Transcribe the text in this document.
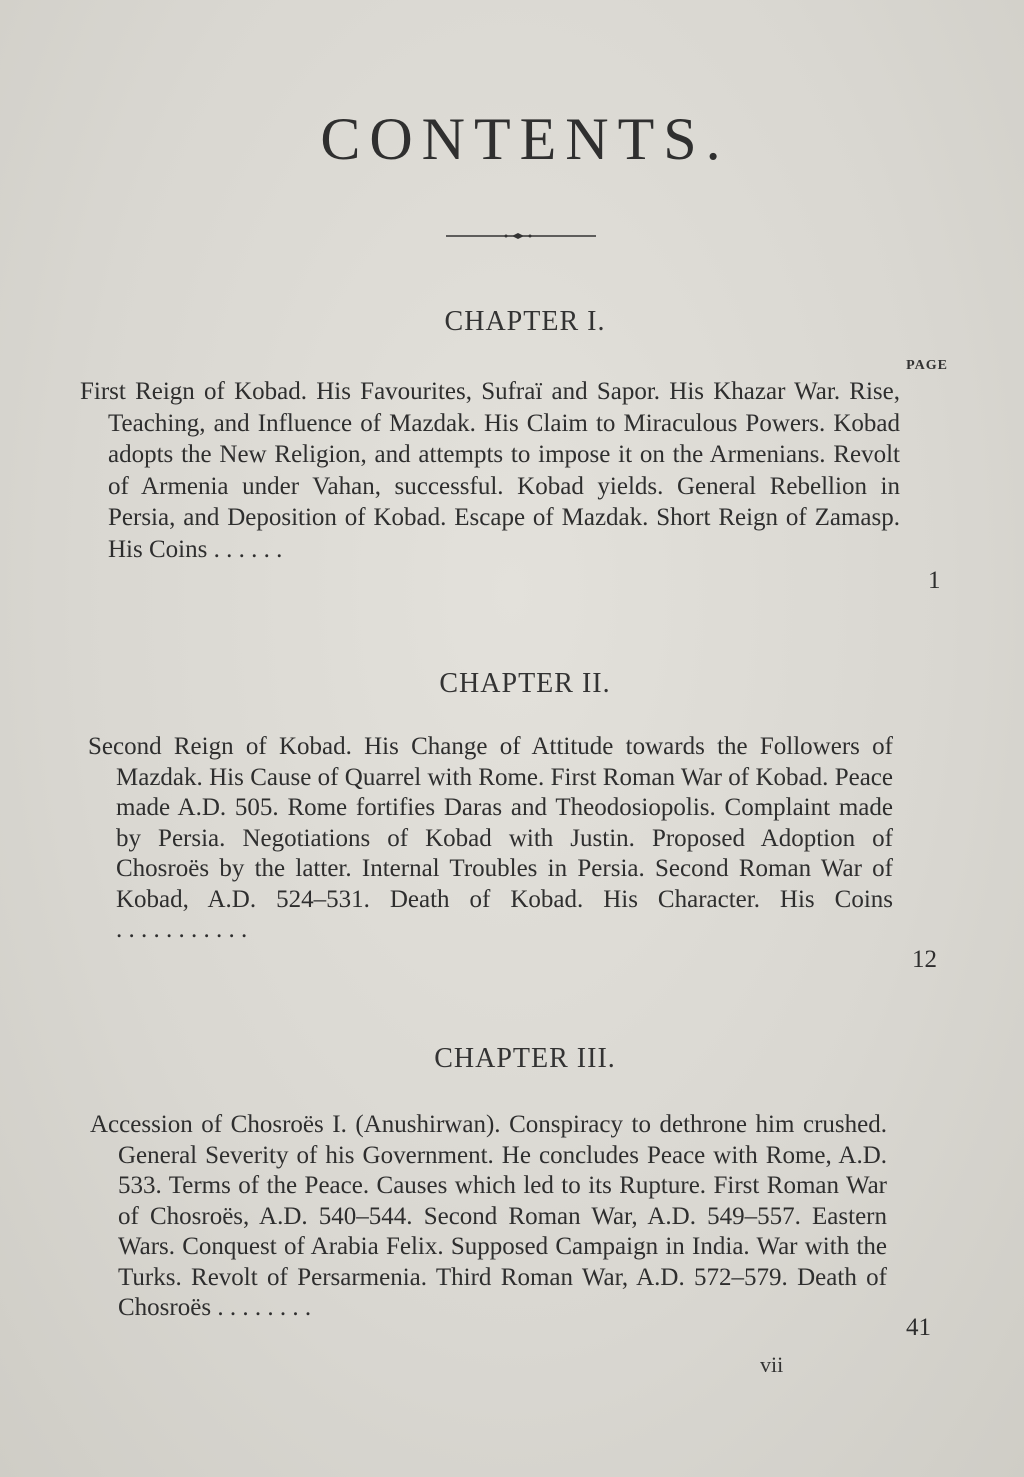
CONTENTS.
CHAPTER I.
PAGE
First Reign of Kobad. His Favourites, Sufraï and Sapor. His Khazar War. Rise, Teaching, and Influence of Mazdak. His Claim to Miraculous Powers. Kobad adopts the New Religion, and attempts to impose it on the Armenians. Revolt of Armenia under Vahan, successful. Kobad yields. General Rebellion in Persia, and Deposition of Kobad. Escape of Mazdak. Short Reign of Zamasp. His Coins . . . . . .
1
CHAPTER II.
Second Reign of Kobad. His Change of Attitude towards the Followers of Mazdak. His Cause of Quarrel with Rome. First Roman War of Kobad. Peace made A.D. 505. Rome fortifies Daras and Theodosiopolis. Complaint made by Persia. Negotiations of Kobad with Justin. Proposed Adoption of Chosroës by the latter. Internal Troubles in Persia. Second Roman War of Kobad, A.D. 524–531. Death of Kobad. His Character. His Coins . . . . . . . . . . .
12
CHAPTER III.
Accession of Chosroës I. (Anushirwan). Conspiracy to dethrone him crushed. General Severity of his Government. He concludes Peace with Rome, A.D. 533. Terms of the Peace. Causes which led to its Rupture. First Roman War of Chosroës, A.D. 540–544. Second Roman War, A.D. 549–557. Eastern Wars. Conquest of Arabia Felix. Supposed Campaign in India. War with the Turks. Revolt of Persarmenia. Third Roman War, A.D. 572–579. Death of Chosroës . . . . . . . .
41
vii
